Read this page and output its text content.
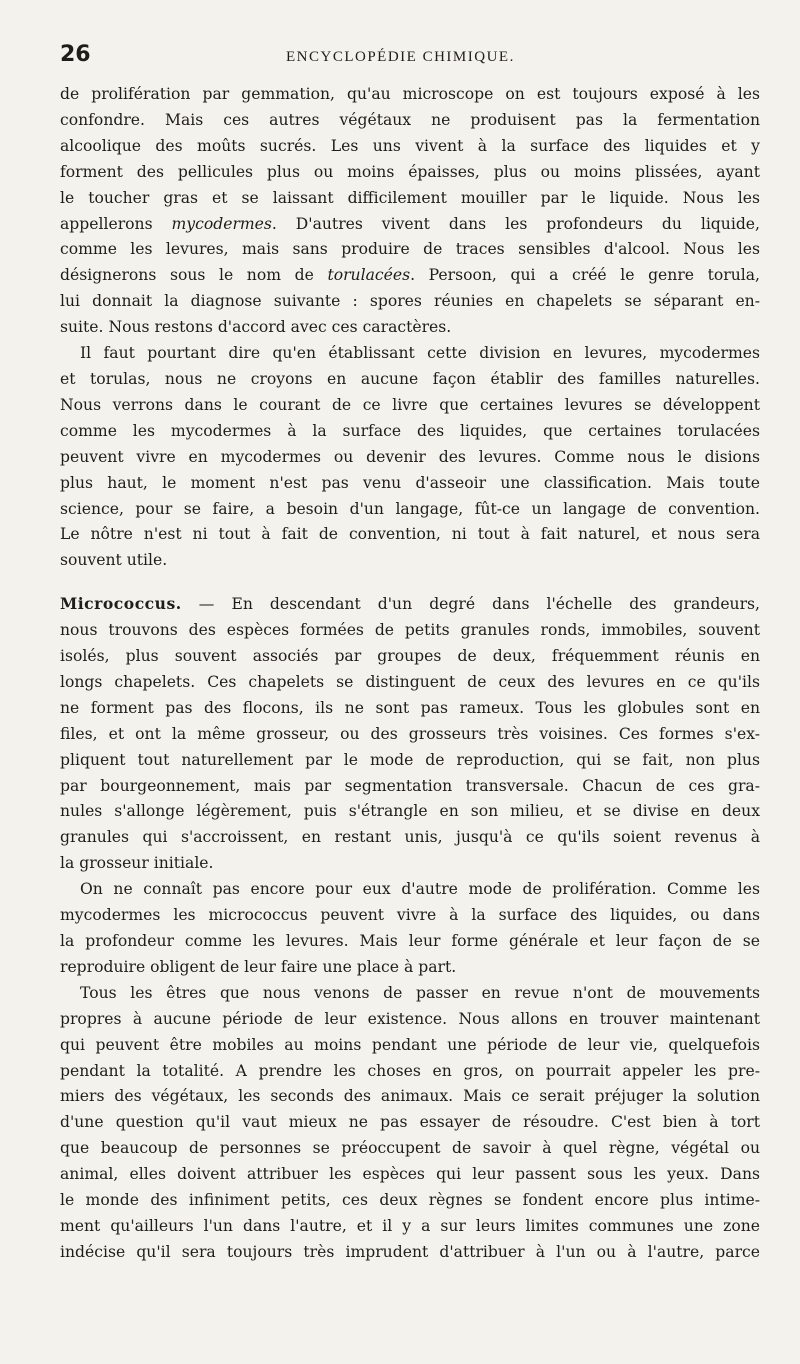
26	ENCYCLOPÉDIE CHIMIQUE.

de prolifération par gemmation, qu'au microscope on est toujours exposé à les
confondre. Mais ces autres végétaux ne produisent pas la fermentation
alcoolique des moûts sucrés. Les uns vivent à la surface des liquides et y
forment des pellicules plus ou moins épaisses, plus ou moins plissées, ayant
le toucher gras et se laissant difficilement mouiller par le liquide. Nous les
appellerons mycodermes. D'autres vivent dans les profondeurs du liquide,
comme les levures, mais sans produire de traces sensibles d'alcool. Nous les
désignerons sous le nom de torulacées. Persoon, qui a créé le genre torula,
lui donnait la diagnose suivante : spores réunies en chapelets se séparant en-
suite. Nous restons d'accord avec ces caractères.

Il faut pourtant dire qu'en établissant cette division en levures, mycodermes
et torulas, nous ne croyons en aucune façon établir des familles naturelles.
Nous verrons dans le courant de ce livre que certaines levures se développent
comme les mycodermes à la surface des liquides, que certaines torulacées
peuvent vivre en mycodermes ou devenir des levures. Comme nous le disions
plus haut, le moment n'est pas venu d'asseoir une classification. Mais toute
science, pour se faire, a besoin d'un langage, fût-ce un langage de convention.
Le nôtre n'est ni tout à fait de convention, ni tout à fait naturel, et nous sera
souvent utile.

Micrococcus. — En descendant d'un degré dans l'échelle des grandeurs,
nous trouvons des espèces formées de petits granules ronds, immobiles, souvent
isolés, plus souvent associés par groupes de deux, fréquemment réunis en
longs chapelets. Ces chapelets se distinguent de ceux des levures en ce qu'ils
ne forment pas des flocons, ils ne sont pas rameux. Tous les globules sont en
files, et ont la même grosseur, ou des grosseurs très voisines. Ces formes s'ex-
pliquent tout naturellement par le mode de reproduction, qui se fait, non plus
par bourgeonnement, mais par segmentation transversale. Chacun de ces gra-
nules s'allonge légèrement, puis s'étrangle en son milieu, et se divise en deux
granules qui s'accroissent, en restant unis, jusqu'à ce qu'ils soient revenus à
la grosseur initiale.

On ne connaît pas encore pour eux d'autre mode de prolifération. Comme les
mycodermes les micrococcus peuvent vivre à la surface des liquides, ou dans
la profondeur comme les levures. Mais leur forme générale et leur façon de se
reproduire obligent de leur faire une place à part.

Tous les êtres que nous venons de passer en revue n'ont de mouvements
propres à aucune période de leur existence. Nous allons en trouver maintenant
qui peuvent être mobiles au moins pendant une période de leur vie, quelquefois
pendant la totalité. A prendre les choses en gros, on pourrait appeler les pre-
miers des végétaux, les seconds des animaux. Mais ce serait préjuger la solution
d'une question qu'il vaut mieux ne pas essayer de résoudre. C'est bien à tort
que beaucoup de personnes se préoccupent de savoir à quel règne, végétal ou
animal, elles doivent attribuer les espèces qui leur passent sous les yeux. Dans
le monde des infiniment petits, ces deux règnes se fondent encore plus intime-
ment qu'ailleurs l'un dans l'autre, et il y a sur leurs limites communes une zone
indécise qu'il sera toujours très imprudent d'attribuer à l'un ou à l'autre, parce
